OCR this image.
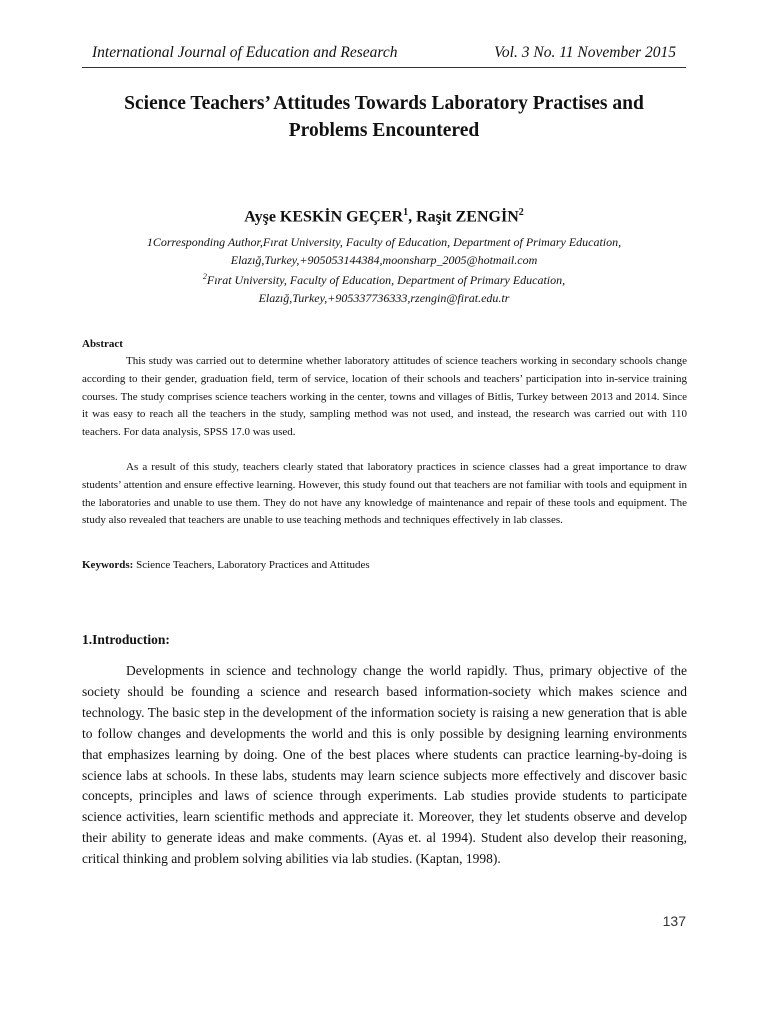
International Journal of Education and Research	Vol. 3 No. 11 November 2015
Science Teachers’ Attitudes Towards Laboratory Practises and
Problems Encountered
Ayşe KESKİN GEÇER$^1$, Raşit ZENGİN$^2$
1Corresponding Author,Fırat University, Faculty of Education, Department of Primary Education,
Elazığ,Turkey,+905053144384,moonsharp_2005@hotmail.com
$^2$Fırat University, Faculty of Education, Department of Primary Education,
Elazığ,Turkey,+905337736333,rzengin@firat.edu.tr
Abstract

This study was carried out to determine whether laboratory attitudes of science teachers working in secondary schools change according to their gender, graduation field, term of service, location of their schools and teachers’ participation into in-service training courses. The study comprises science teachers working in the center, towns and villages of Bitlis, Turkey between 2013 and 2014. Since it was easy to reach all the teachers in the study, sampling method was not used, and instead, the research was carried out with 110 teachers. For data analysis, SPSS 17.0 was used.

As a result of this study, teachers clearly stated that laboratory practices in science classes had a great importance to draw students’ attention and ensure effective learning. However, this study found out that teachers are not familiar with tools and equipment in the laboratories and unable to use them. They do not have any knowledge of maintenance and repair of these tools and equipment. The study also revealed that teachers are unable to use teaching methods and techniques effectively in lab classes.

Keywords: Science Teachers, Laboratory Practices and Attitudes
1.Introduction:

Developments in science and technology change the world rapidly. Thus, primary objective of the society should be founding a science and research based information-society which makes science and technology. The basic step in the development of the information society is raising a new generation that is able to follow changes and developments the world and this is only possible by designing learning environments that emphasizes learning by doing. One of the best places where students can practice learning-by-doing is science labs at schools. In these labs, students may learn science subjects more effectively and discover basic concepts, principles and laws of science through experiments. Lab studies provide students to participate science activities, learn scientific methods and appreciate it. Moreover, they let students observe and develop their ability to generate ideas and make comments. (Ayas et. al 1994). Student also develop their reasoning, critical thinking and problem solving abilities via lab studies. (Kaptan, 1998).

137
